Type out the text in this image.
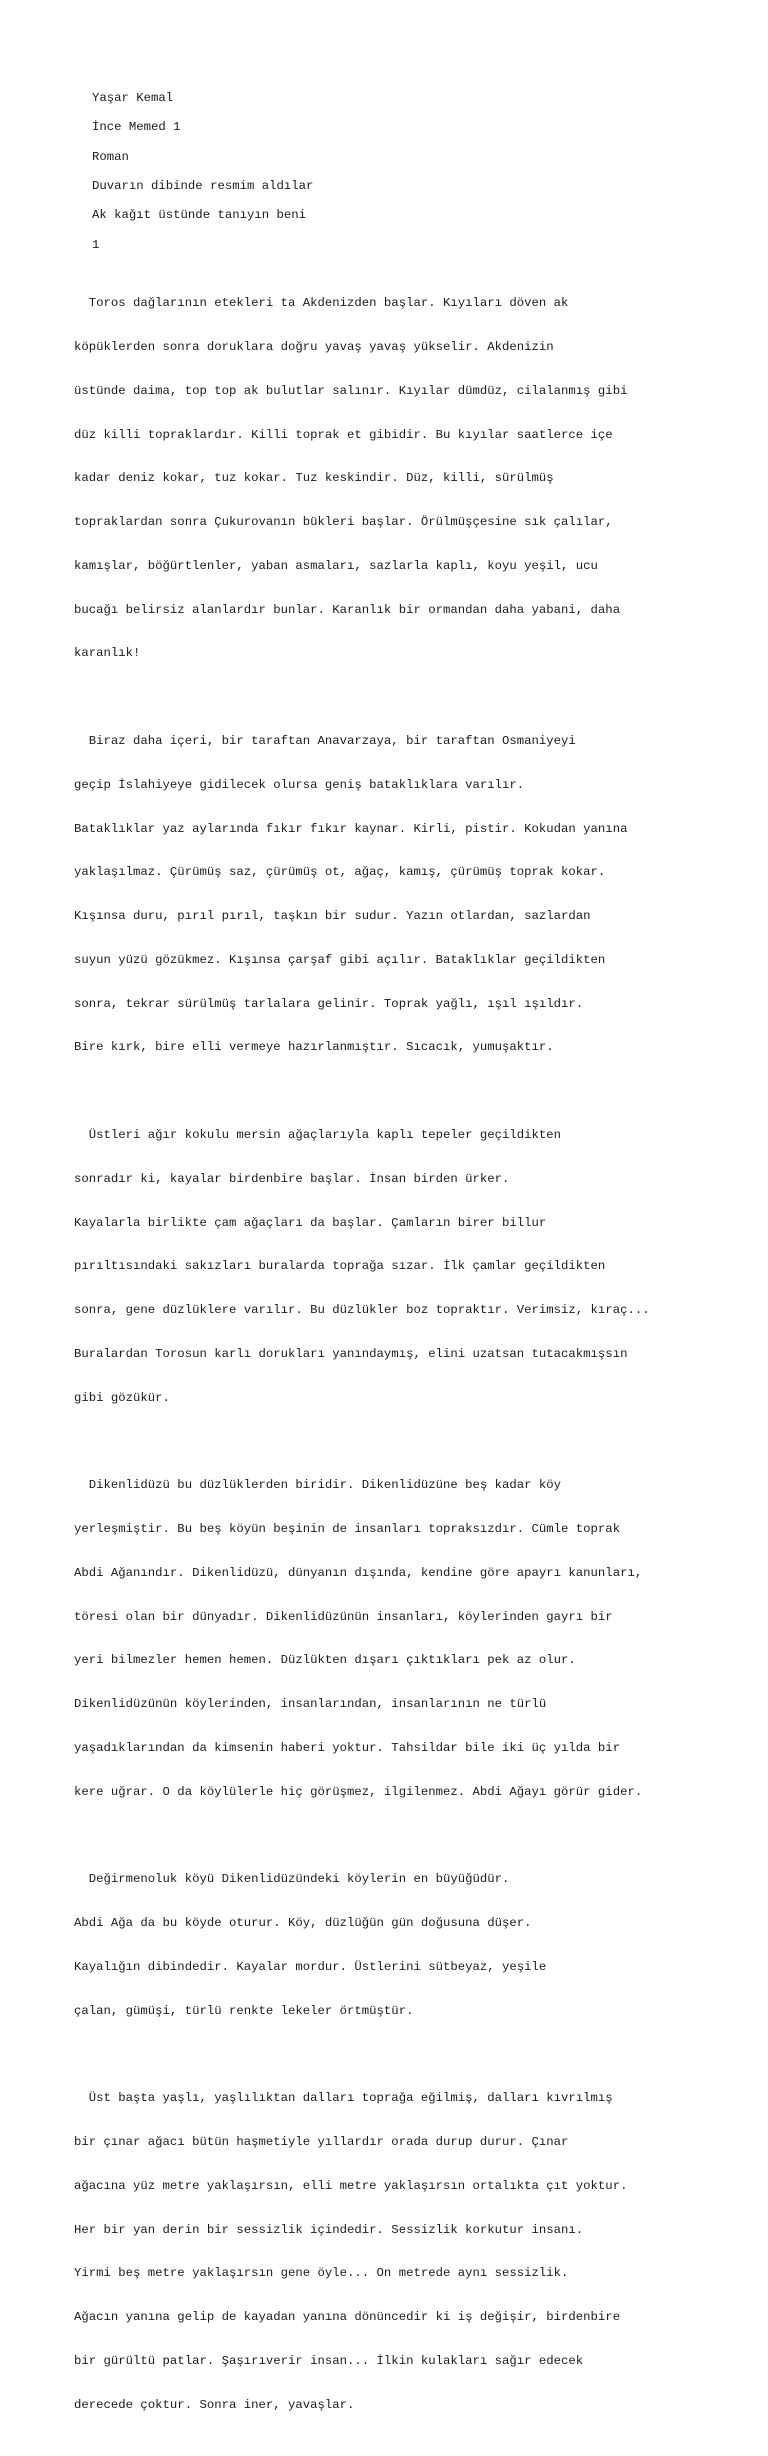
Yaşar Kemal
İnce Memed 1
Roman
Duvarın dibinde resmim aldılar
Ak kağıt üstünde tanıyın beni
1

Toros dağlarının etekleri ta Akdenizden başlar. Kıyıları döven ak

köpüklerden sonra doruklara doğru yavaş yavaş yükselir. Akdenizin

üstünde daima, top top ak bulutlar salınır. Kıyılar dümdüz, cilalanmış gibi

düz killi topraklardır. Killi toprak et gibidir. Bu kıyılar saatlerce içe

kadar deniz kokar, tuz kokar. Tuz keskindir. Düz, killi, sürülmüş

topraklardan sonra Çukurovanın bükleri başlar. Örülmüşçesine sık çalılar,

kamışlar, böğürtlenler, yaban asmaları, sazlarla kaplı, koyu yeşil, ucu

bucağı belirsiz alanlardır bunlar. Karanlık bir ormandan daha yabani, daha

karanlık!

Biraz daha içeri, bir taraftan Anavarzaya, bir taraftan Osmaniyeyi

geçip İslahiyeye gidilecek olursa geniş bataklıklara varılır.

Bataklıklar yaz aylarında fıkır fıkır kaynar. Kirli, pistir. Kokudan yanına

yaklaşılmaz. Çürümüş saz, çürümüş ot, ağaç, kamış, çürümüş toprak kokar.

Kışınsa duru, pırıl pırıl, taşkın bir sudur. Yazın otlardan, sazlardan

suyun yüzü gözükmez. Kışınsa çarşaf gibi açılır. Bataklıklar geçildikten

sonra, tekrar sürülmüş tarlalara gelinir. Toprak yağlı, ışıl ışıldır.

Bire kırk, bire elli vermeye hazırlanmıştır. Sıcacık, yumuşaktır.

Üstleri ağır kokulu mersin ağaçlarıyla kaplı tepeler geçildikten

sonradır ki, kayalar birdenbire başlar. İnsan birden ürker.

Kayalarla birlikte çam ağaçları da başlar. Çamların birer billur

pırıltısındaki sakızları buralarda toprağa sızar. İlk çamlar geçildikten

sonra, gene düzlüklere varılır. Bu düzlükler boz topraktır. Verimsiz, kıraç...

Buralardan Torosun karlı dorukları yanındaymış, elini uzatsan tutacakmışsın

gibi gözükür.

Dikenlidüzü bu düzlüklerden biridir. Dikenlidüzüne beş kadar köy

yerleşmiştir. Bu beş köyün beşinin de insanları topraksızdır. Cümle toprak

Abdi Ağanındır. Dikenlidüzü, dünyanın dışında, kendine göre apayrı kanunları,

töresi olan bir dünyadır. Dikenlidüzünün insanları, köylerinden gayrı bir

yeri bilmezler hemen hemen. Düzlükten dışarı çıktıkları pek az olur.

Dikenlidüzünün köylerinden, insanlarından, insanlarının ne türlü

yaşadıklarından da kimsenin haberi yoktur. Tahsildar bile iki üç yılda bir

kere uğrar. O da köylülerle hiç görüşmez, ilgilenmez. Abdi Ağayı görür gider.

Değirmenoluk köyü Dikenlidüzündeki köylerin en büyüğüdür.

Abdi Ağa da bu köyde oturur. Köy, düzlüğün gün doğusuna düşer.

Kayalığın dibindedir. Kayalar mordur. Üstlerini sütbeyaz, yeşile

çalan, gümüşi, türlü renkte lekeler örtmüştür.

Üst başta yaşlı, yaşlılıktan dalları toprağa eğilmiş, dalları kıvrılmış

bir çınar ağacı bütün haşmetiyle yıllardır orada durup durur. Çınar

ağacına yüz metre yaklaşırsın, elli metre yaklaşırsın ortalıkta çıt yoktur.

Her bir yan derin bir sessizlik içindedir. Sessizlik korkutur insanı.

Yirmi beş metre yaklaşırsın gene öyle... On metrede aynı sessizlik.

Ağacın yanına gelip de kayadan yanına dönüncedir ki iş değişir, birdenbire

bir gürültü patlar. Şaşırıverir insan... İlkin kulakları sağır edecek

derecede çoktur. Sonra iner, yavaşlar.
